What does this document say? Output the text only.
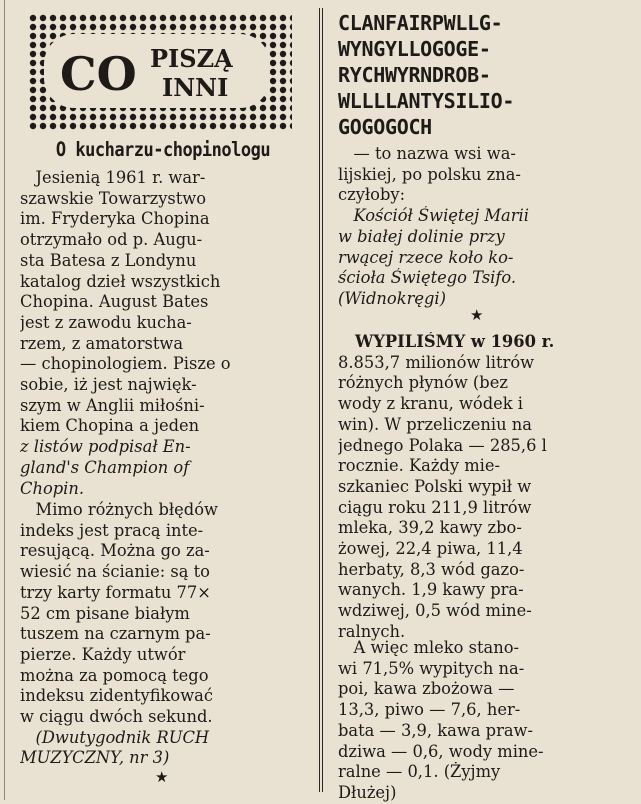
CO PISZĄ
INNI
O kucharzu-chopinologu
Jesienią 1961 r. war-
szawskie Towarzystwo
im. Fryderyka Chopina
otrzymało od p. Augu-
sta Batesa z Londynu
katalog dzieł wszystkich
Chopina. August Bates
jest z zawodu kucha-
rzem, z amatorstwa
— chopinologiem. Pisze o
sobie, iż jest najwięk-
szym w Anglii miłośni-
kiem Chopina a jeden
z listów podpisał En-
gland's Champion of
Chopin.
Mimo różnych błędów
indeks jest pracą inte-
resującą. Można go za-
wiesić na ścianie: są to
trzy karty formatu 77×
52 cm pisane białym
tuszem na czarnym pa-
pierze. Każdy utwór
można za pomocą tego
indeksu zidentyfikować
w ciągu dwóch sekund.
(Dwutygodnik RUCH
MUZYCZNY, nr 3)
★
CLANFAIRPWLLG-
WYNGYLLOGOGE-
RYCHWYRNDROB-
WLLLLANTYSILIO-
GOGOGOCH
— to nazwa wsi wa-
lijskiej, po polsku zna-
czyłoby:
Kościół Świętej Marii
w białej dolinie przy
rwącej rzece koło ko-
ścioła Świętego Tsifo.
(Widnokręgi)
★
WYPILIŚMY w 1960 r.
8.853,7 milionów litrów
różnych płynów (bez
wody z kranu, wódek i
win). W przeliczeniu na
jednego Polaka — 285,6 l
rocznie. Każdy mie-
szkaniec Polski wypił w
ciągu roku 211,9 litrów
mleka, 39,2 kawy zbo-
żowej, 22,4 piwa, 11,4
herbaty, 8,3 wód gazo-
wanych. 1,9 kawy pra-
wdziwej, 0,5 wód mine-
ralnych.
A więc mleko stano-
wi 71,5% wypitych na-
poi, kawa zbożowa —
13,3, piwo — 7,6, her-
bata — 3,9, kawa praw-
dziwa — 0,6, wody mine-
ralne — 0,1. (Żyjmy
Dłużej)
